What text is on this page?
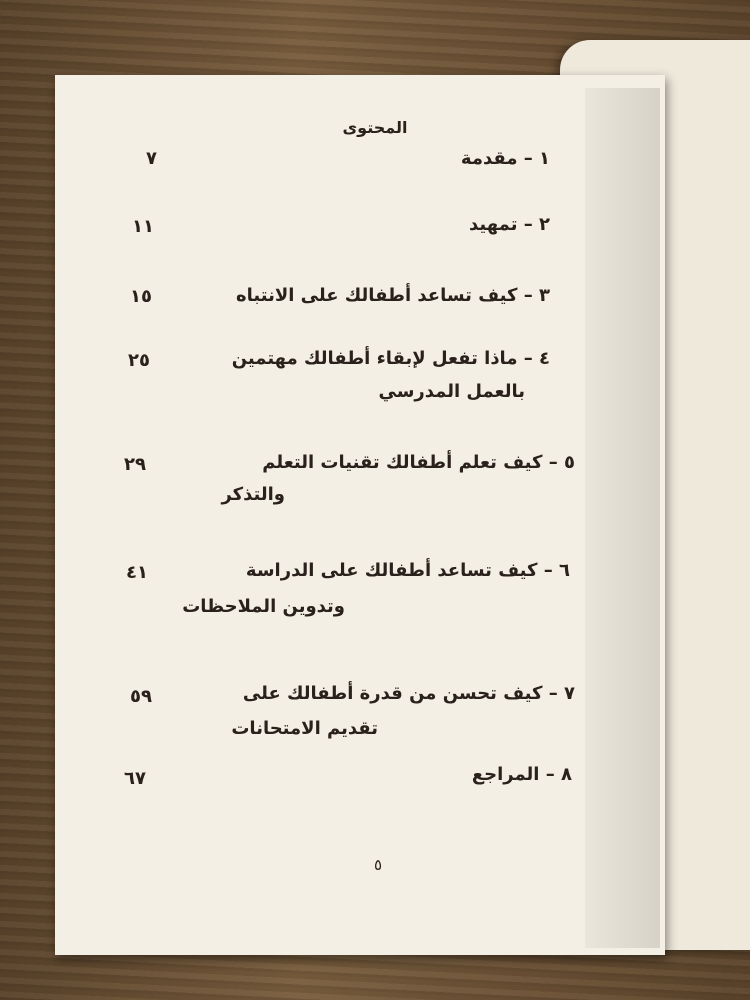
المحتوى
١ – مقدمة
٧
٢ – تمهيد
١١
٣ – كيف تساعد أطفالك على الانتباه
١٥
٤ – ماذا تفعل لإبقاء أطفالك مهتمين
بالعمل المدرسي
٢٥
٥ – كيف تعلم أطفالك تقنيات التعلم
والتذكر
٢٩
٦ – كيف تساعد أطفالك على الدراسة
وتدوين الملاحظات
٤١
٧ – كيف تحسن من قدرة أطفالك على
تقديم الامتحانات
٥٩
٨ – المراجع
٦٧
٥
